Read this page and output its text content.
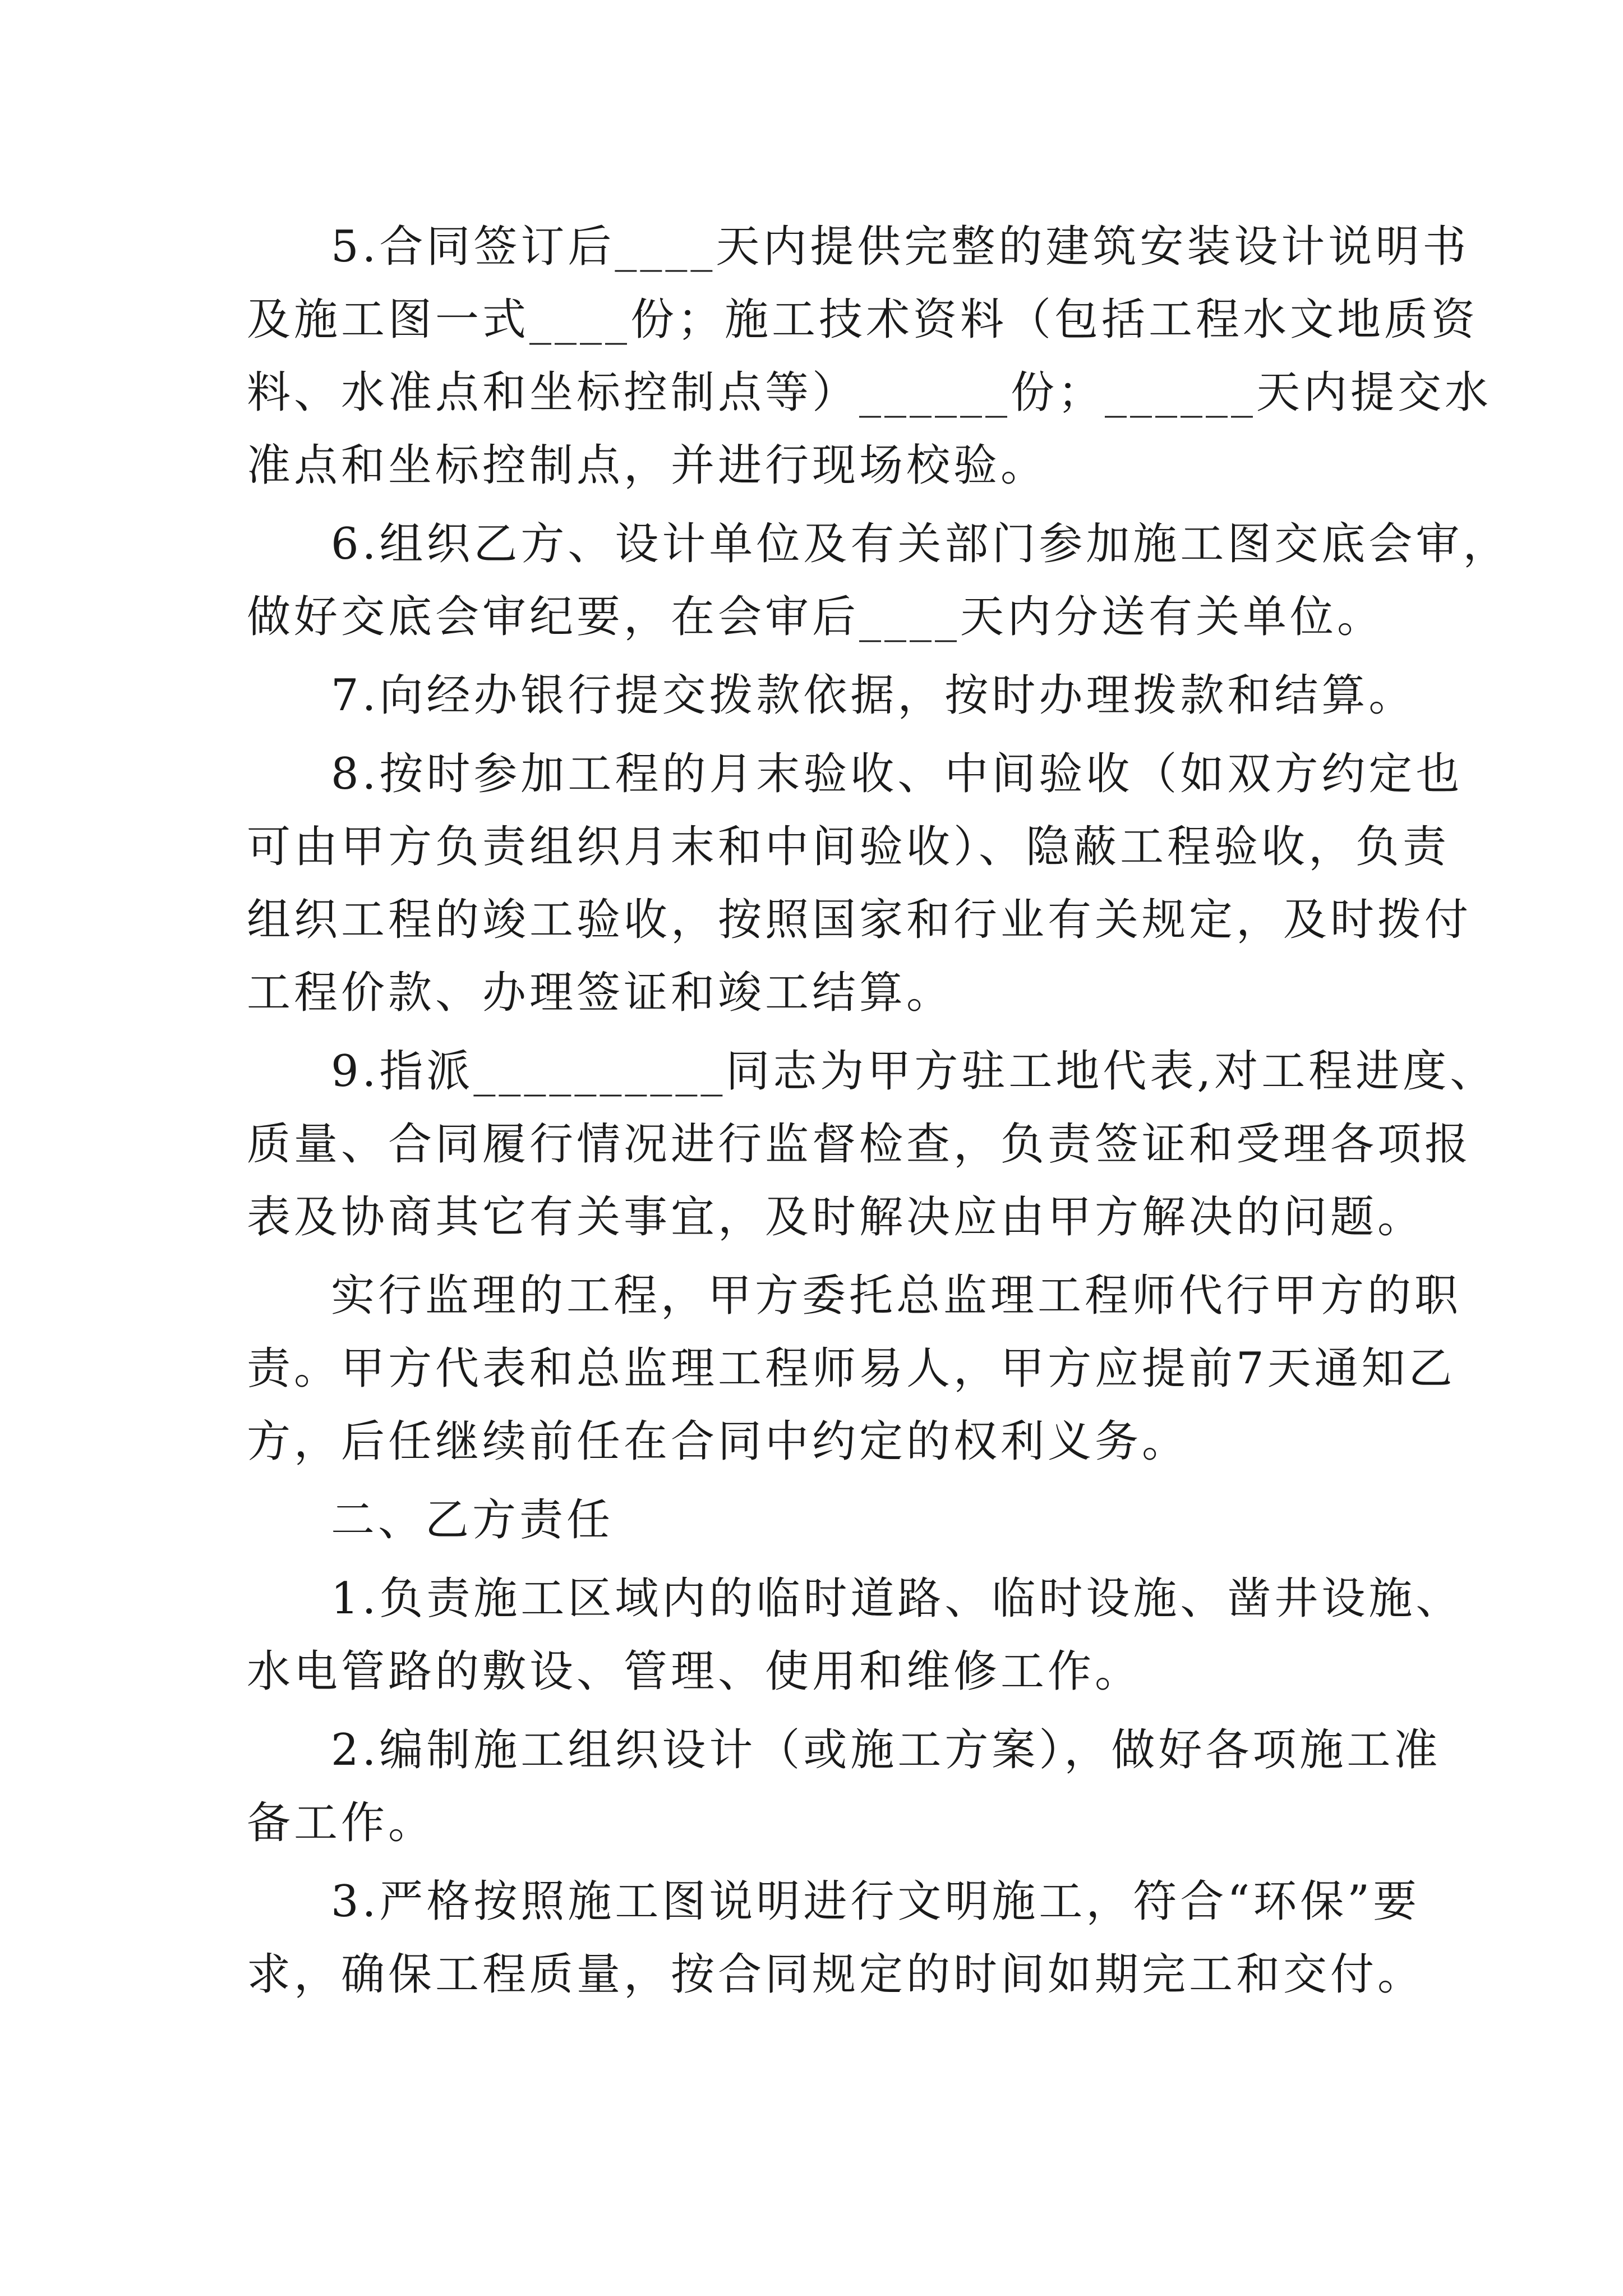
5.合同签订后____天内提供完整的建筑安装设计说明书
及施工图一式____份；施工技术资料（包括工程水文地质资
料、水准点和坐标控制点等）______份；______天内提交水
准点和坐标控制点，并进行现场校验。
6.组织乙方、设计单位及有关部门参加施工图交底会审，
做好交底会审纪要，在会审后____天内分送有关单位。
7.向经办银行提交拨款依据，按时办理拨款和结算。
8.按时参加工程的月末验收、中间验收（如双方约定也
可由甲方负责组织月末和中间验收）、隐蔽工程验收，负责
组织工程的竣工验收，按照国家和行业有关规定，及时拨付
工程价款、办理签证和竣工结算。
9.指派__________同志为甲方驻工地代表,对工程进度、
质量、合同履行情况进行监督检查，负责签证和受理各项报
表及协商其它有关事宜，及时解决应由甲方解决的问题。
实行监理的工程，甲方委托总监理工程师代行甲方的职
责。甲方代表和总监理工程师易人，甲方应提前7天通知乙
方，后任继续前任在合同中约定的权利义务。
二、乙方责任
1.负责施工区域内的临时道路、临时设施、凿井设施、
水电管路的敷设、管理、使用和维修工作。
2.编制施工组织设计（或施工方案），做好各项施工准
备工作。
3.严格按照施工图说明进行文明施工，符合“环保”要
求，确保工程质量，按合同规定的时间如期完工和交付。
